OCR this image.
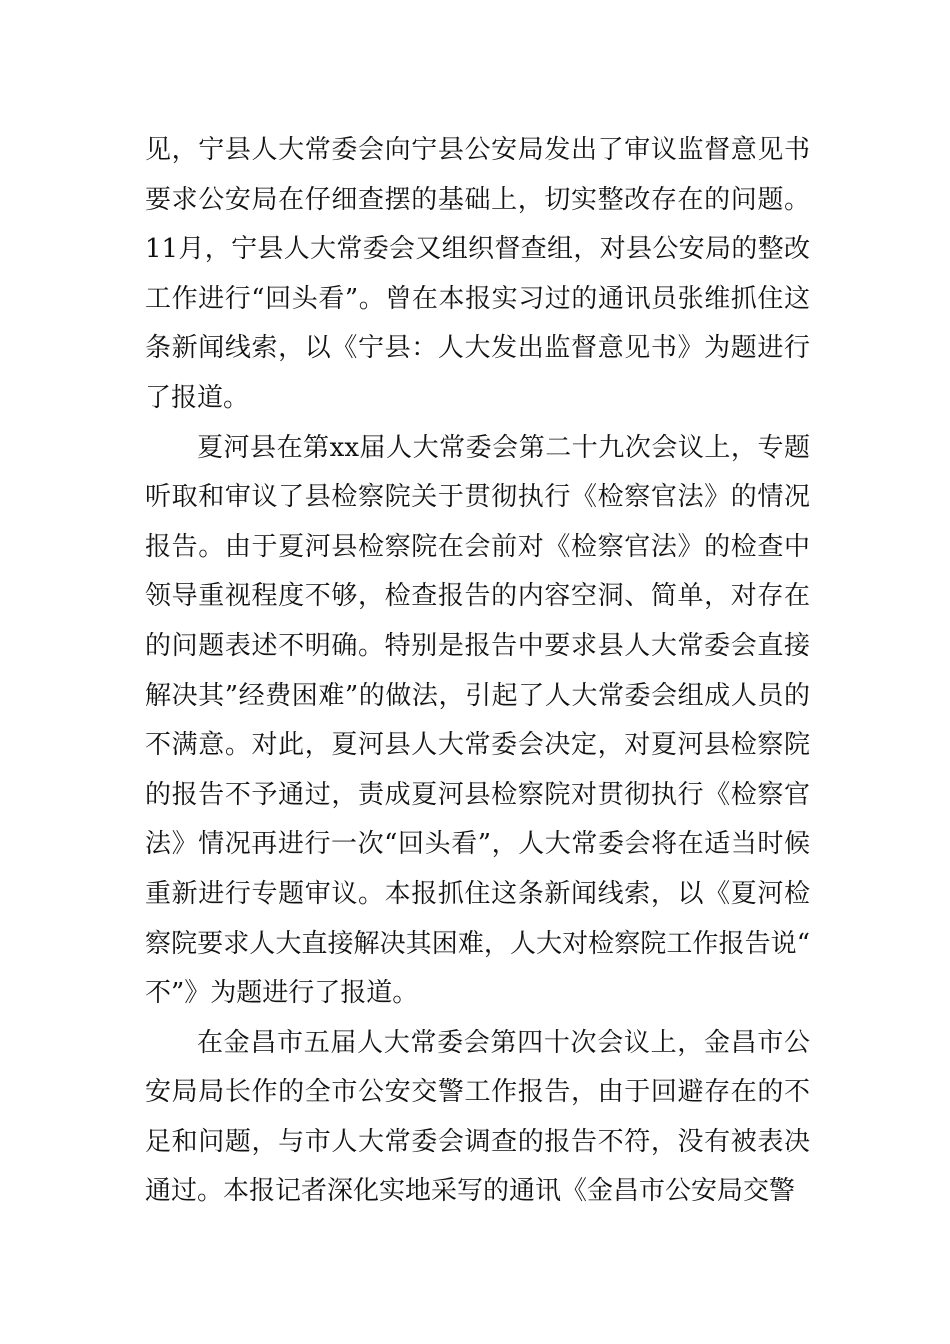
见，宁县人大常委会向宁县公安局发出了审议监督意见书要求公安局在仔细查摆的基础上，切实整改存在的问题。11月，宁县人大常委会又组织督查组，对县公安局的整改工作进行“回头看”。曾在本报实习过的通讯员张维抓住这条新闻线索，以《宁县：人大发出监督意见书》为题进行了报道。

夏河县在第xx届人大常委会第二十九次会议上，专题听取和审议了县检察院关于贯彻执行《检察官法》的情况报告。由于夏河县检察院在会前对《检察官法》的检查中领导重视程度不够，检查报告的内容空洞、简单，对存在的问题表述不明确。特别是报告中要求县人大常委会直接解决其”经费困难”的做法，引起了人大常委会组成人员的不满意。对此，夏河县人大常委会决定，对夏河县检察院的报告不予通过，责成夏河县检察院对贯彻执行《检察官法》情况再进行一次“回头看”，人大常委会将在适当时候重新进行专题审议。本报抓住这条新闻线索，以《夏河检察院要求人大直接解决其困难，人大对检察院工作报告说“不”》为题进行了报道。

在金昌市五届人大常委会第四十次会议上，金昌市公安局局长作的全市公安交警工作报告，由于回避存在的不足和问题，与市人大常委会调查的报告不符，没有被表决通过。本报记者深化实地采写的通讯《金昌市公安局交警
